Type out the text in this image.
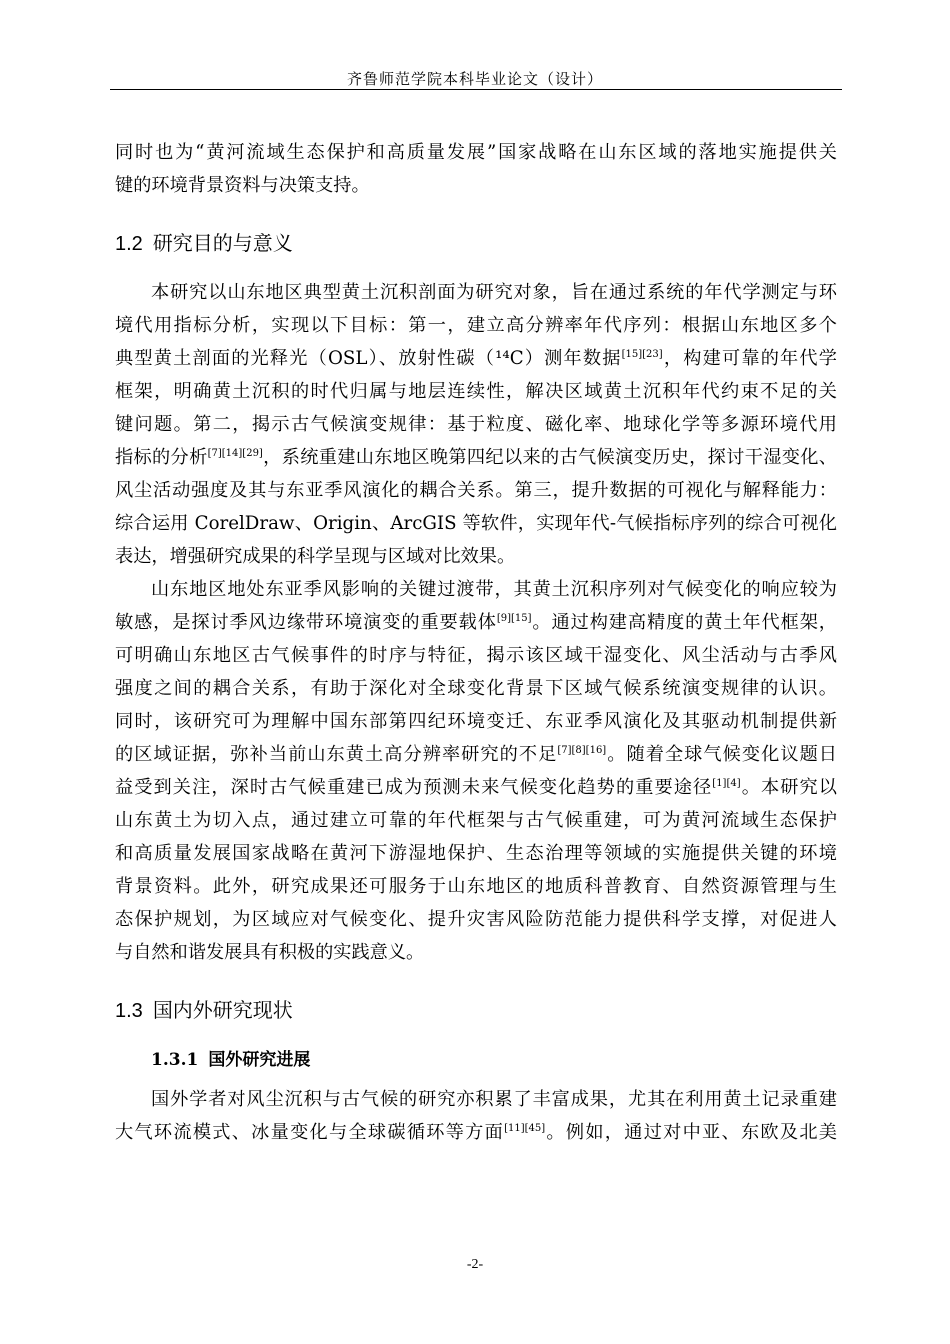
齐鲁师范学院本科毕业论文（设计）

同时也为“黄河流域生态保护和高质量发展”国家战略在山东区域的落地实施提供关
键的环境背景资料与决策支持。

1.2 研究目的与意义

本研究以山东地区典型黄土沉积剖面为研究对象，旨在通过系统的年代学测定与环
境代用指标分析，实现以下目标：第一，建立高分辨率年代序列：根据山东地区多个
典型黄土剖面的光释光（OSL）、放射性碳（¹⁴C）测年数据[15][23]，构建可靠的年代学
框架，明确黄土沉积的时代归属与地层连续性，解决区域黄土沉积年代约束不足的关
键问题。第二，揭示古气候演变规律：基于粒度、磁化率、地球化学等多源环境代用
指标的分析[7][14][29]，系统重建山东地区晚第四纪以来的古气候演变历史，探讨干湿变化、
风尘活动强度及其与东亚季风演化的耦合关系。第三，提升数据的可视化与解释能力：
综合运用 CorelDraw、Origin、ArcGIS 等软件，实现年代-气候指标序列的综合可视化
表达，增强研究成果的科学呈现与区域对比效果。

山东地区地处东亚季风影响的关键过渡带，其黄土沉积序列对气候变化的响应较为
敏感，是探讨季风边缘带环境演变的重要载体[9][15]。通过构建高精度的黄土年代框架，
可明确山东地区古气候事件的时序与特征，揭示该区域干湿变化、风尘活动与古季风
强度之间的耦合关系，有助于深化对全球变化背景下区域气候系统演变规律的认识。
同时，该研究可为理解中国东部第四纪环境变迁、东亚季风演化及其驱动机制提供新
的区域证据，弥补当前山东黄土高分辨率研究的不足[7][8][16]。随着全球气候变化议题日
益受到关注，深时古气候重建已成为预测未来气候变化趋势的重要途径[1][4]。本研究以
山东黄土为切入点，通过建立可靠的年代框架与古气候重建，可为黄河流域生态保护
和高质量发展国家战略在黄河下游湿地保护、生态治理等领域的实施提供关键的环境
背景资料。此外，研究成果还可服务于山东地区的地质科普教育、自然资源管理与生
态保护规划，为区域应对气候变化、提升灾害风险防范能力提供科学支撑，对促进人
与自然和谐发展具有积极的实践意义。

1.3 国内外研究现状
1.3.1 国外研究进展

国外学者对风尘沉积与古气候的研究亦积累了丰富成果，尤其在利用黄土记录重建
大气环流模式、冰量变化与全球碳循环等方面[11][45]。例如，通过对中亚、东欧及北美

-2-
